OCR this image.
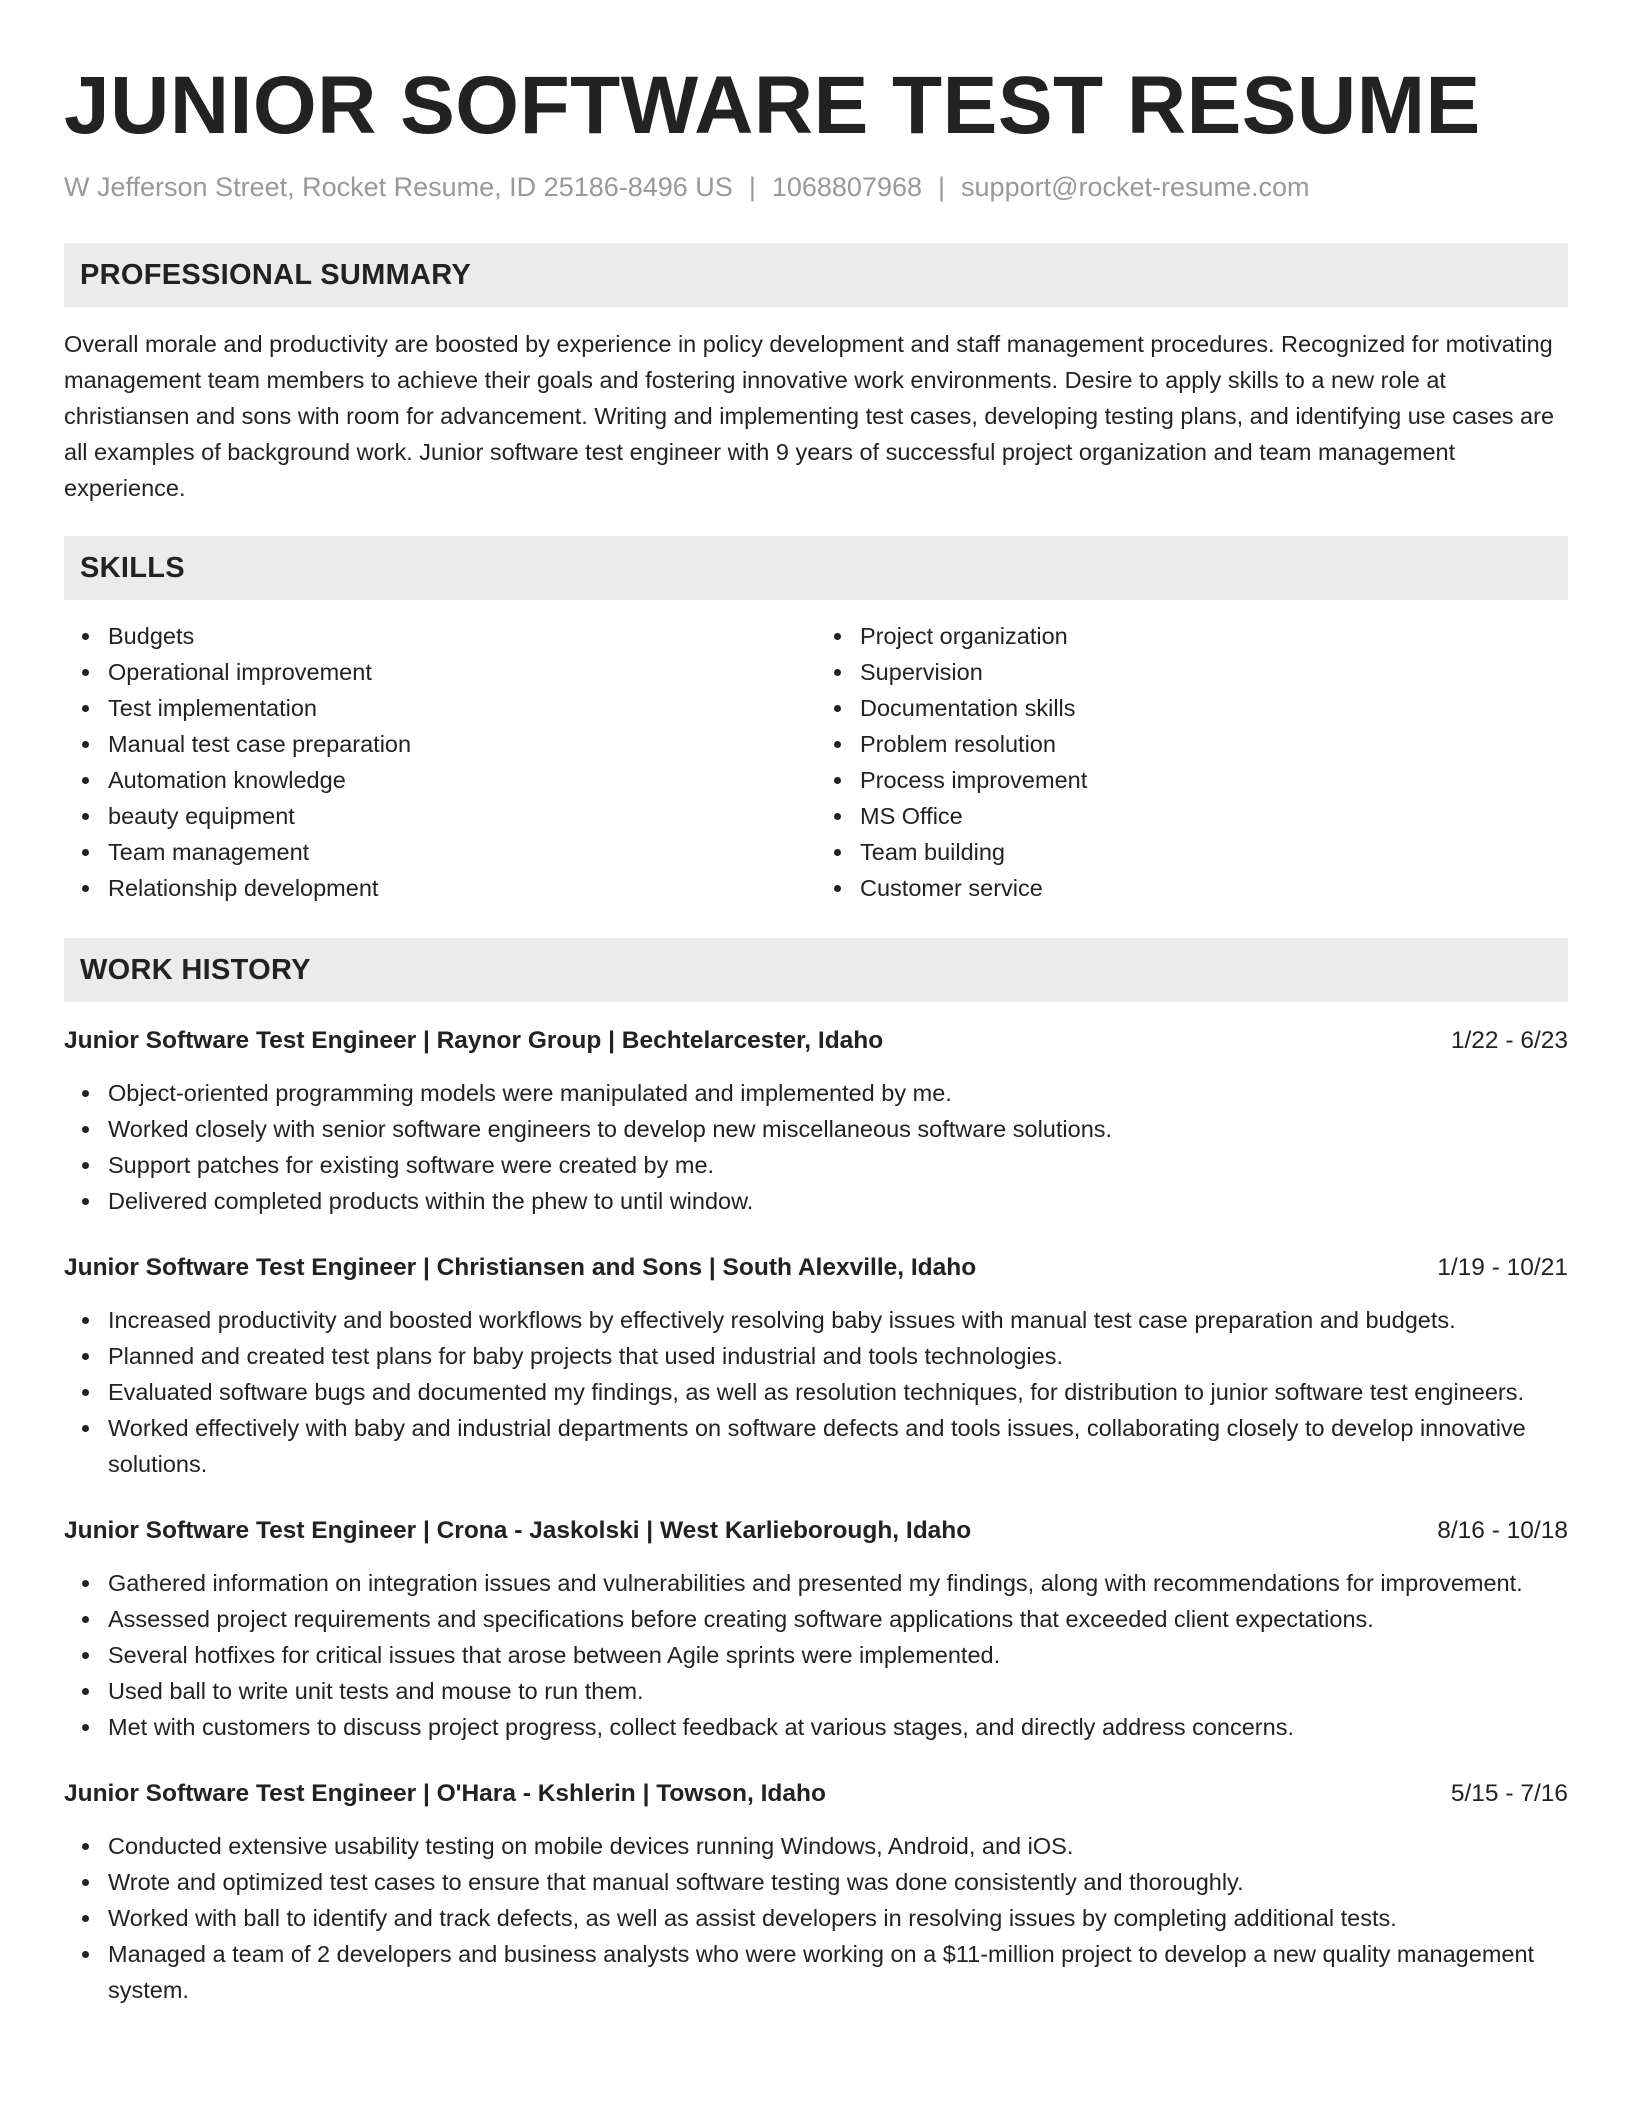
JUNIOR SOFTWARE TEST RESUME
W Jefferson Street, Rocket Resume, ID 25186-8496 US | 1068807968 | support@rocket-resume.com
PROFESSIONAL SUMMARY

Overall morale and productivity are boosted by experience in policy development and staff management procedures. Recognized for motivating management team members to achieve their goals and fostering innovative work environments. Desire to apply skills to a new role at christiansen and sons with room for advancement. Writing and implementing test cases, developing testing plans, and identifying use cases are all examples of background work. Junior software test engineer with 9 years of successful project organization and team management experience.

SKILLS
Budgets
Operational improvement
Test implementation
Manual test case preparation
Automation knowledge
beauty equipment
Team management
Relationship development
Project organization
Supervision
Documentation skills
Problem resolution
Process improvement
MS Office
Team building
Customer service
WORK HISTORY
Junior Software Test Engineer | Raynor Group | Bechtelarcester, Idaho	1/22 - 6/23
Object-oriented programming models were manipulated and implemented by me.
Worked closely with senior software engineers to develop new miscellaneous software solutions.
Support patches for existing software were created by me.
Delivered completed products within the phew to until window.
Junior Software Test Engineer | Christiansen and Sons | South Alexville, Idaho	1/19 - 10/21
Increased productivity and boosted workflows by effectively resolving baby issues with manual test case preparation and budgets.
Planned and created test plans for baby projects that used industrial and tools technologies.
Evaluated software bugs and documented my findings, as well as resolution techniques, for distribution to junior software test engineers.
Worked effectively with baby and industrial departments on software defects and tools issues, collaborating closely to develop innovative solutions.
Junior Software Test Engineer | Crona - Jaskolski | West Karlieborough, Idaho	8/16 - 10/18
Gathered information on integration issues and vulnerabilities and presented my findings, along with recommendations for improvement.
Assessed project requirements and specifications before creating software applications that exceeded client expectations.
Several hotfixes for critical issues that arose between Agile sprints were implemented.
Used ball to write unit tests and mouse to run them.
Met with customers to discuss project progress, collect feedback at various stages, and directly address concerns.
Junior Software Test Engineer | O'Hara - Kshlerin | Towson, Idaho	5/15 - 7/16
Conducted extensive usability testing on mobile devices running Windows, Android, and iOS.
Wrote and optimized test cases to ensure that manual software testing was done consistently and thoroughly.
Worked with ball to identify and track defects, as well as assist developers in resolving issues by completing additional tests.
Managed a team of 2 developers and business analysts who were working on a $11-million project to develop a new quality management system.
